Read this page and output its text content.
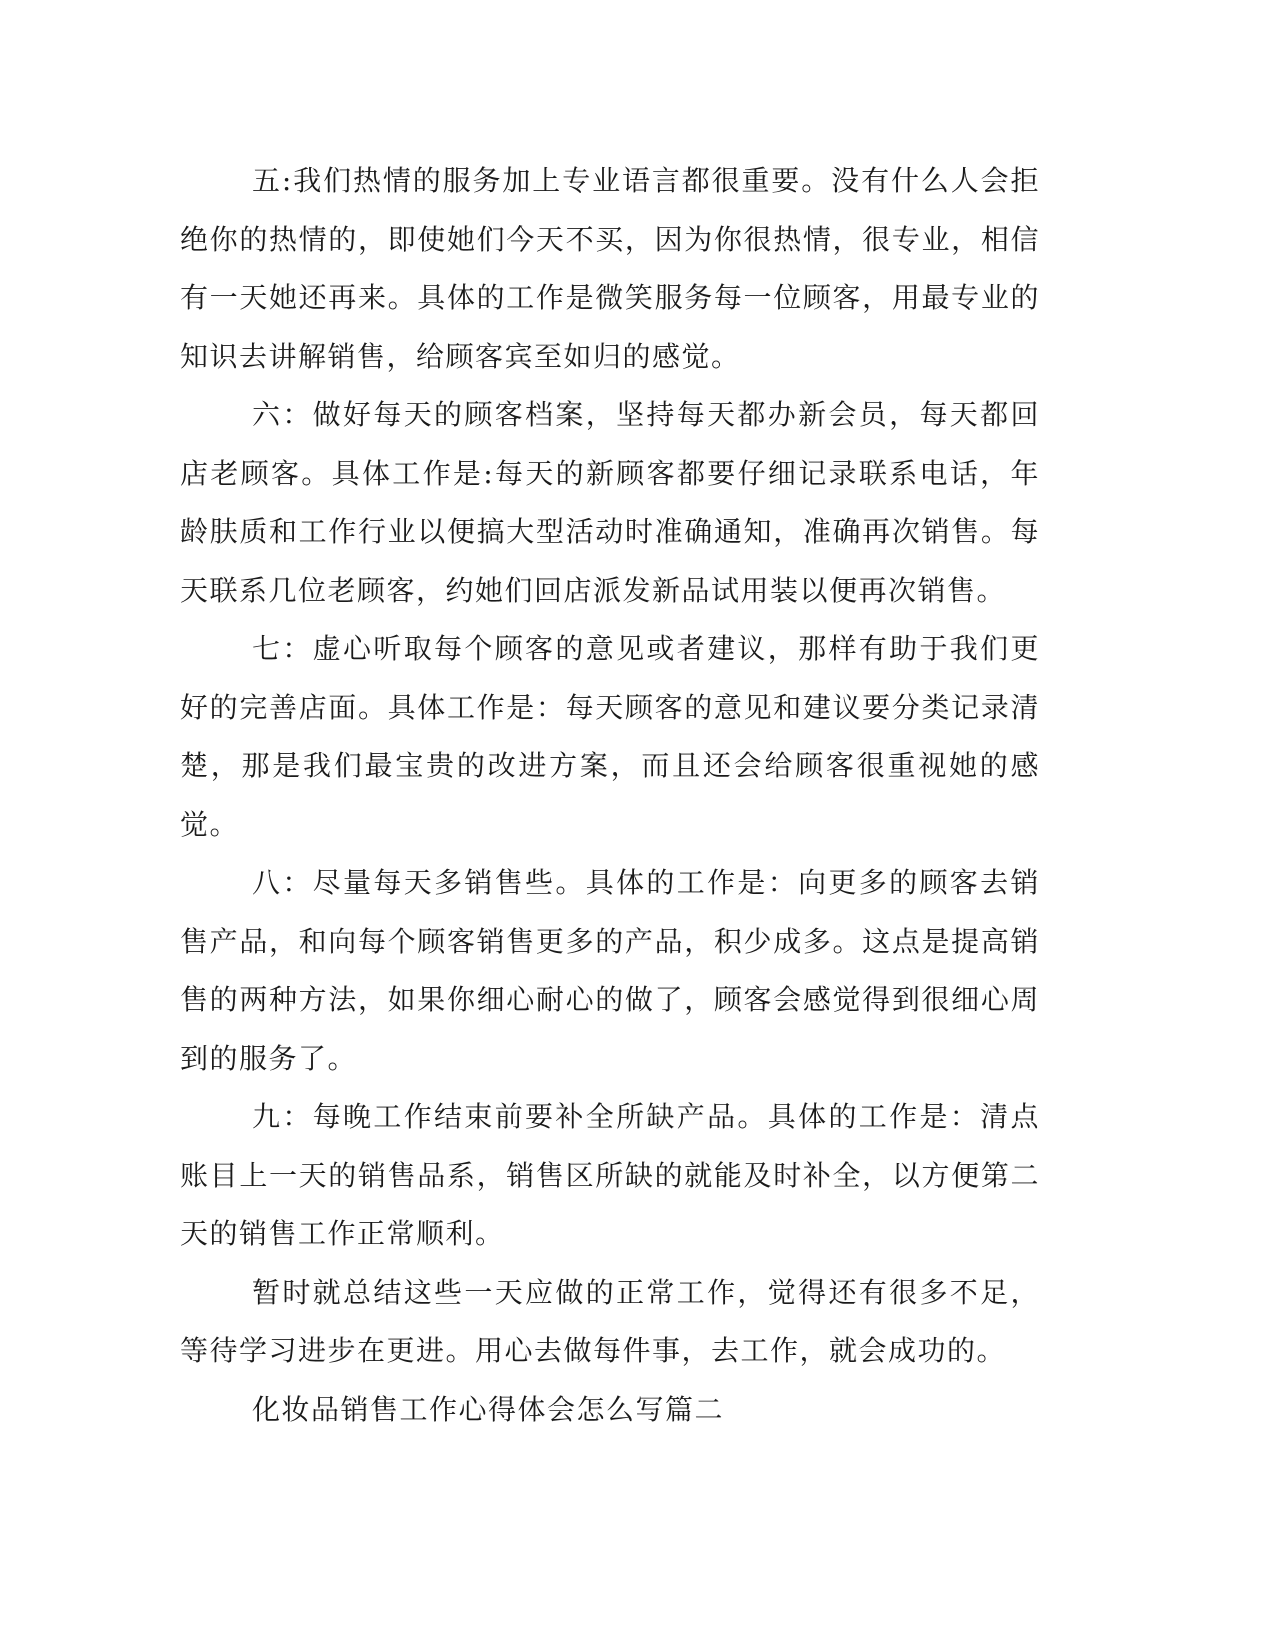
五:我们热情的服务加上专业语言都很重要。没有什么人会拒绝你的热情的，即使她们今天不买，因为你很热情，很专业，相信有一天她还再来。具体的工作是微笑服务每一位顾客，用最专业的知识去讲解销售，给顾客宾至如归的感觉。

六：做好每天的顾客档案，坚持每天都办新会员，每天都回店老顾客。具体工作是:每天的新顾客都要仔细记录联系电话，年龄肤质和工作行业以便搞大型活动时准确通知，准确再次销售。每天联系几位老顾客，约她们回店派发新品试用装以便再次销售。

七：虚心听取每个顾客的意见或者建议，那样有助于我们更好的完善店面。具体工作是：每天顾客的意见和建议要分类记录清楚，那是我们最宝贵的改进方案，而且还会给顾客很重视她的感觉。

八：尽量每天多销售些。具体的工作是：向更多的顾客去销售产品，和向每个顾客销售更多的产品，积少成多。这点是提高销售的两种方法，如果你细心耐心的做了，顾客会感觉得到很细心周到的服务了。

九：每晚工作结束前要补全所缺产品。具体的工作是：清点账目上一天的销售品系，销售区所缺的就能及时补全，以方便第二天的销售工作正常顺利。

暂时就总结这些一天应做的正常工作，觉得还有很多不足，等待学习进步在更进。用心去做每件事，去工作，就会成功的。

化妆品销售工作心得体会怎么写篇二
